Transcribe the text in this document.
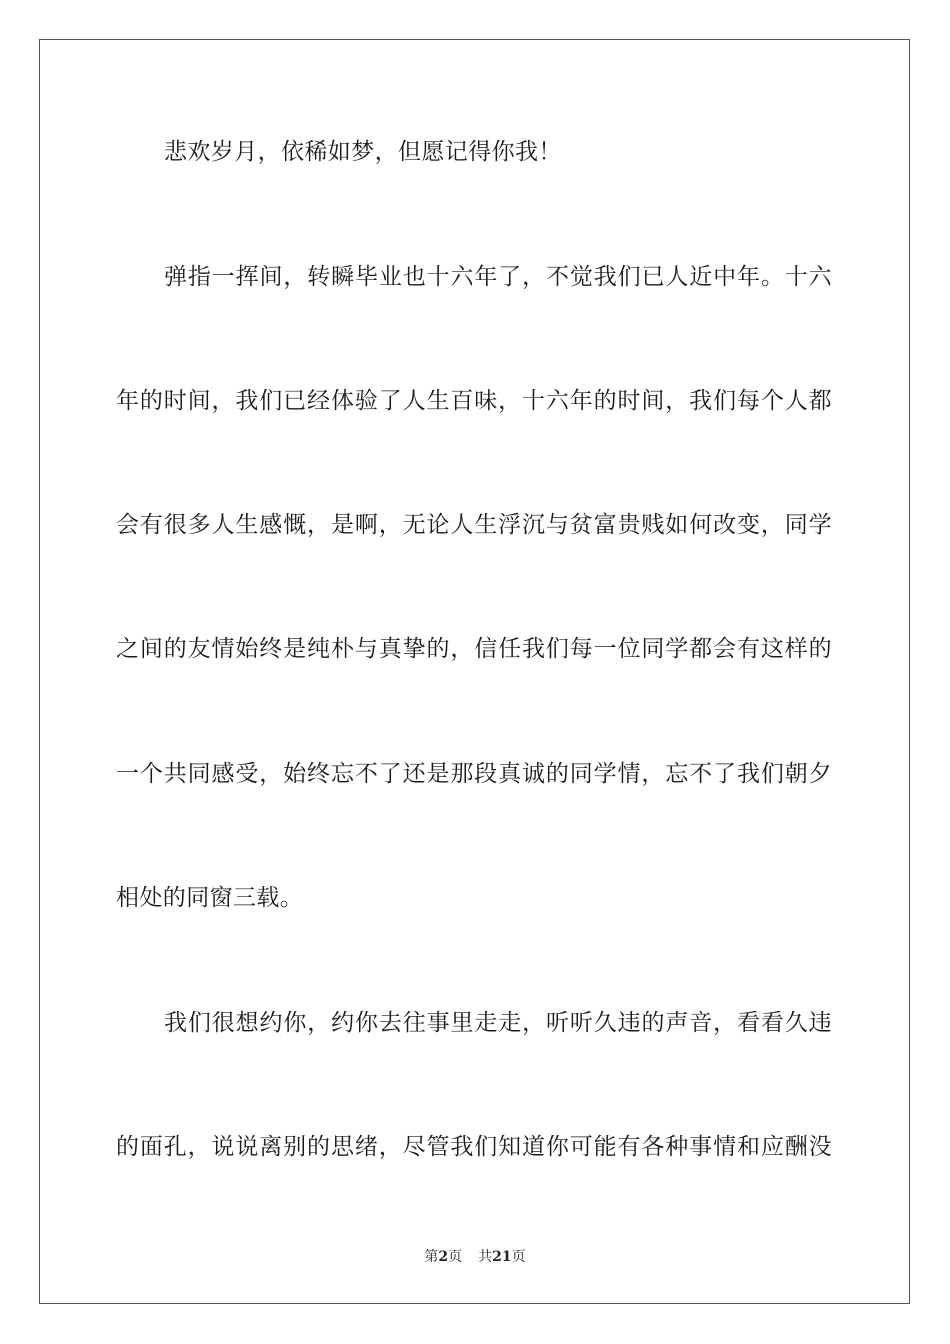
悲欢岁月，依稀如梦，但愿记得你我！
弹指一挥间，转瞬毕业也十六年了，不觉我们已人近中年。十六
年的时间，我们已经体验了人生百味，十六年的时间，我们每个人都
会有很多人生感慨，是啊，无论人生浮沉与贫富贵贱如何改变，同学
之间的友情始终是纯朴与真挚的，信任我们每一位同学都会有这样的
一个共同感受，始终忘不了还是那段真诚的同学情，忘不了我们朝夕
相处的同窗三载。
我们很想约你，约你去往事里走走，听听久违的声音，看看久违
的面孔，说说离别的思绪，尽管我们知道你可能有各种事情和应酬没
第2页 共21页
